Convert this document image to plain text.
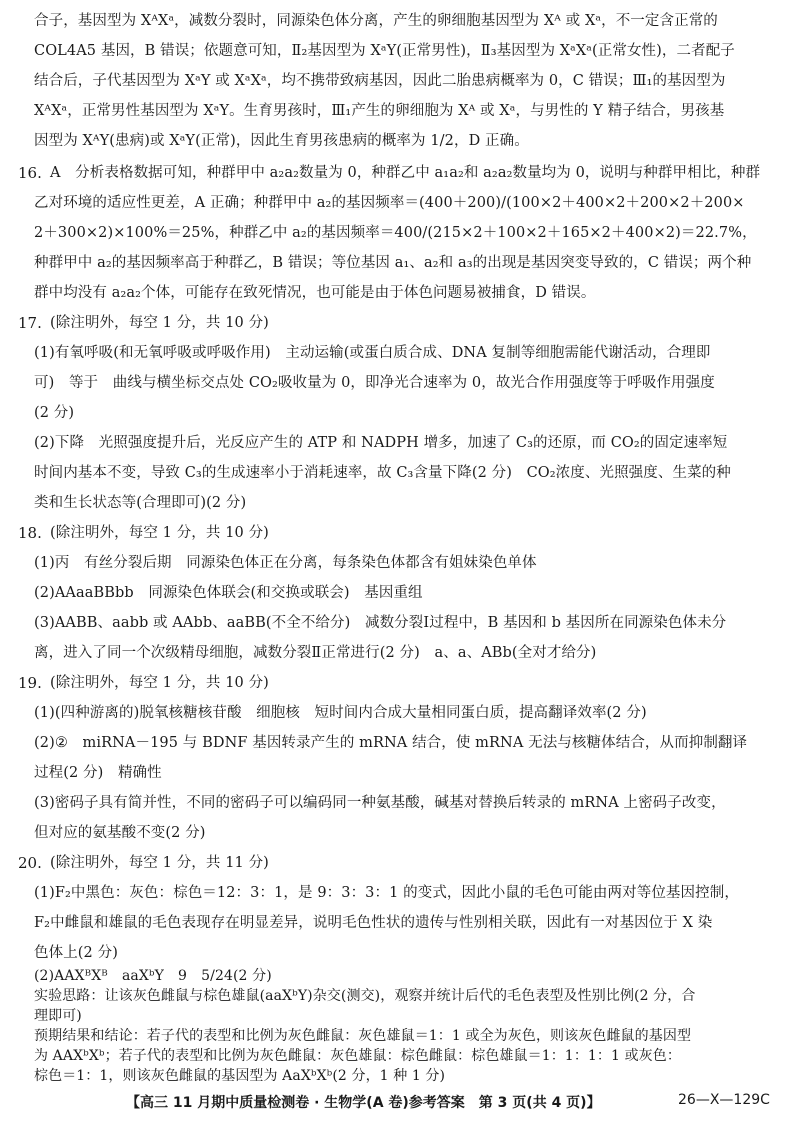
合子，基因型为 XᴬXᵃ，减数分裂时，同源染色体分离，产生的卵细胞基因型为 Xᴬ 或 Xᵃ，不一定含正常的
COL4A5 基因，B 错误；依题意可知，Ⅱ₂基因型为 XᵃY(正常男性)，Ⅱ₃基因型为 XᵃXᵃ(正常女性)，二者配子
结合后，子代基因型为 XᵃY 或 XᵃXᵃ，均不携带致病基因，因此二胎患病概率为 0，C 错误；Ⅲ₁的基因型为
XᴬXᵃ，正常男性基因型为 XᵃY。生育男孩时，Ⅲ₁产生的卵细胞为 Xᴬ 或 Xᵃ，与男性的 Y 精子结合，男孩基
因型为 XᴬY(患病)或 XᵃY(正常)，因此生育男孩患病的概率为 1/2，D 正确。
16. A　分析表格数据可知，种群甲中 a₂a₂数量为 0，种群乙中 a₁a₂和 a₂a₂数量均为 0，说明与种群甲相比，种群
乙对环境的适应性更差，A 正确；种群甲中 a₂的基因频率＝(400＋200)/(100×2＋400×2＋200×2＋200×
2＋300×2)×100%＝25%，种群乙中 a₂的基因频率＝400/(215×2＋100×2＋165×2＋400×2)＝22.7%，
种群甲中 a₂的基因频率高于种群乙，B 错误；等位基因 a₁、a₂和 a₃的出现是基因突变导致的，C 错误；两个种
群中均没有 a₂a₂个体，可能存在致死情况，也可能是由于体色问题易被捕食，D 错误。
17. (除注明外，每空 1 分，共 10 分)
(1)有氧呼吸(和无氧呼吸或呼吸作用)　主动运输(或蛋白质合成、DNA 复制等细胞需能代谢活动，合理即
可)　等于　曲线与横坐标交点处 CO₂吸收量为 0，即净光合速率为 0，故光合作用强度等于呼吸作用强度
(2 分)
(2)下降　光照强度提升后，光反应产生的 ATP 和 NADPH 增多，加速了 C₃的还原，而 CO₂的固定速率短
时间内基本不变，导致 C₃的生成速率小于消耗速率，故 C₃含量下降(2 分)　CO₂浓度、光照强度、生菜的种
类和生长状态等(合理即可)(2 分)
18. (除注明外，每空 1 分，共 10 分)
(1)丙　有丝分裂后期　同源染色体正在分离，每条染色体都含有姐妹染色单体
(2)AAaaBBbb　同源染色体联会(和交换或联会)　基因重组
(3)AABB、aabb 或 AAbb、aaBB(不全不给分)　减数分裂Ⅰ过程中，B 基因和 b 基因所在同源染色体未分
离，进入了同一个次级精母细胞，减数分裂Ⅱ正常进行(2 分)　a、a、ABb(全对才给分)
19. (除注明外，每空 1 分，共 10 分)
(1)(四种游离的)脱氧核糖核苷酸　细胞核　短时间内合成大量相同蛋白质，提高翻译效率(2 分)
(2)②　miRNA－195 与 BDNF 基因转录产生的 mRNA 结合，使 mRNA 无法与核糖体结合，从而抑制翻译
过程(2 分)　精确性
(3)密码子具有简并性，不同的密码子可以编码同一种氨基酸，碱基对替换后转录的 mRNA 上密码子改变，
但对应的氨基酸不变(2 分)
20. (除注明外，每空 1 分，共 11 分)
(1)F₂中黑色：灰色：棕色＝12：3：1，是 9：3：3：1 的变式，因此小鼠的毛色可能由两对等位基因控制，
F₂中雌鼠和雄鼠的毛色表现存在明显差异，说明毛色性状的遗传与性别相关联，因此有一对基因位于 X 染
色体上(2 分)
(2)AAXᴮXᴮ　aaXᵇY　9　5/24(2 分)
实验思路：让该灰色雌鼠与棕色雄鼠(aaXᵇY)杂交(测交)，观察并统计后代的毛色表型及性别比例(2 分，合
理即可)
预期结果和结论：若子代的表型和比例为灰色雌鼠：灰色雄鼠＝1：1 或全为灰色，则该灰色雌鼠的基因型
为 AAXᵇXᵇ；若子代的表型和比例为灰色雌鼠：灰色雄鼠：棕色雌鼠：棕色雄鼠＝1：1：1：1 或灰色：
棕色＝1：1，则该灰色雌鼠的基因型为 AaXᵇXᵇ(2 分，1 种 1 分)
【高三 11 月期中质量检测卷 · 生物学(A 卷)参考答案　第 3 页(共 4 页)】	26—X—129C
